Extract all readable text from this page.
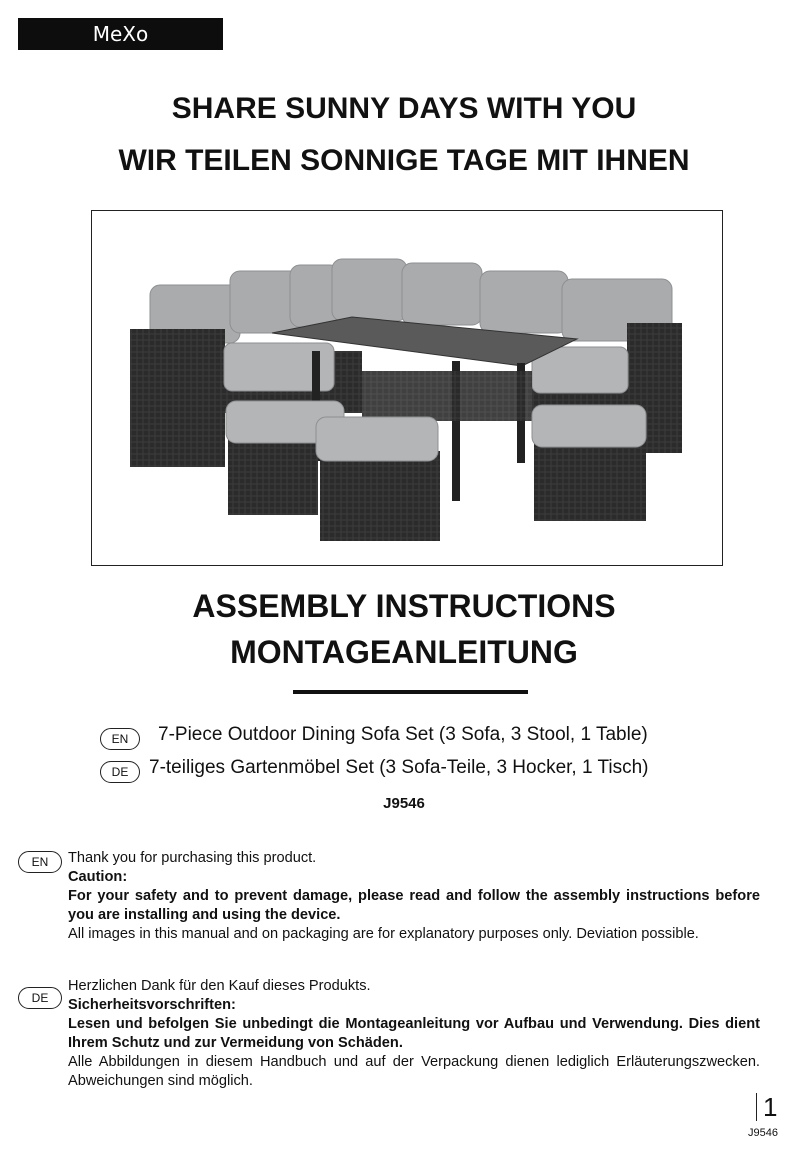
MeXo
SHARE SUNNY DAYS WITH YOU
WIR TEILEN SONNIGE TAGE MIT IHNEN
ASSEMBLY INSTRUCTIONS
MONTAGEANLEITUNG
EN	7-Piece Outdoor Dining Sofa Set (3 Sofa, 3 Stool, 1 Table)
DE	7-teiliges Gartenmöbel Set (3 Sofa-Teile, 3 Hocker, 1 Tisch)
J9546
EN	Thank you for purchasing this product.

Caution:

For your safety and to prevent damage, please read and follow the assembly instructions before you are installing and using the device.

All images in this manual and on packaging are for explanatory purposes only. Deviation possible.

DE

Herzlichen Dank für den Kauf dieses Produkts.

Sicherheitsvorschriften:

Lesen und befolgen Sie unbedingt die Montageanleitung vor Aufbau und Verwendung. Dies dient Ihrem Schutz und zur Vermeidung von Schäden.

Alle Abbildungen in diesem Handbuch und auf der Verpackung dienen lediglich Erläuterungszwecken. Abweichungen sind möglich.

1
J9546
